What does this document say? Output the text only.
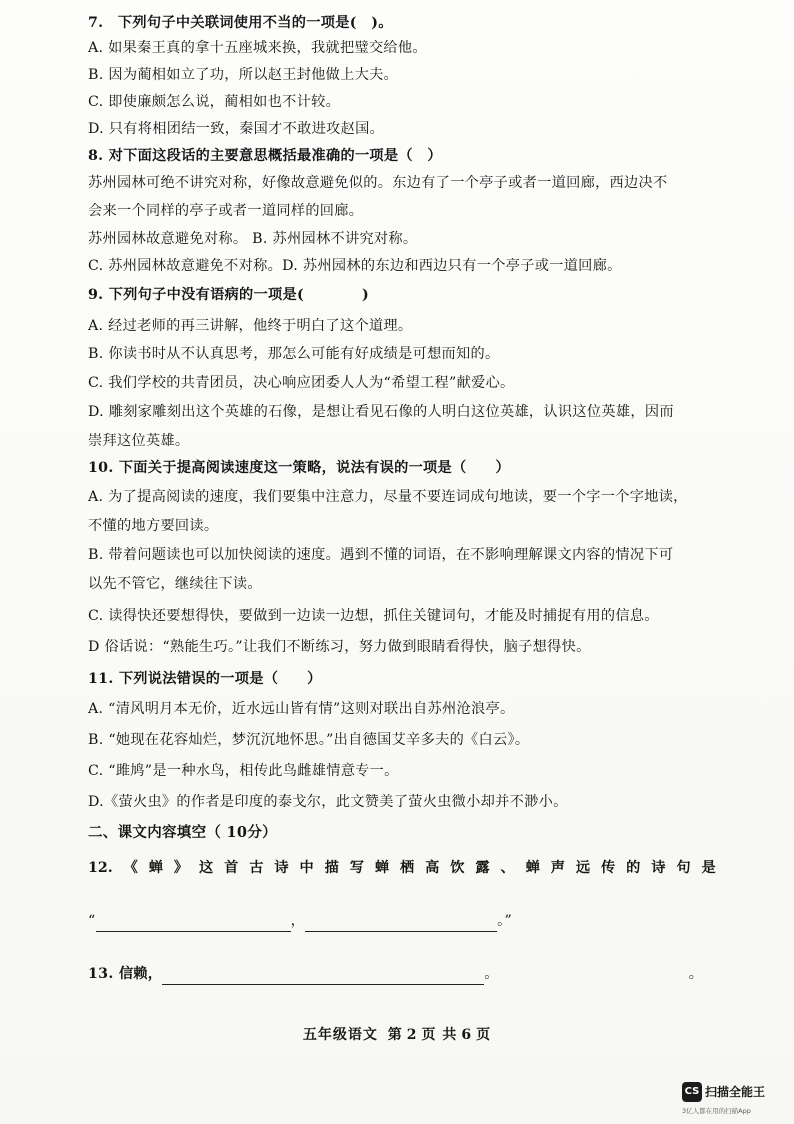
7.　下列句子中关联词使用不当的一项是(　)。
A. 如果秦王真的拿十五座城来换，我就把璧交给他。
B. 因为蔺相如立了功，所以赵王封他做上大夫。
C. 即使廉颇怎么说，蔺相如也不计较。
D. 只有将相团结一致，秦国才不敢进攻赵国。
8. 对下面这段话的主要意思概括最准确的一项是（　）
苏州园林可绝不讲究对称，好像故意避免似的。东边有了一个亭子或者一道回廊，西边决不
会来一个同样的亭子或者一道同样的回廊。
苏州园林故意避免对称。 B. 苏州园林不讲究对称。
C. 苏州园林故意避免不对称。D. 苏州园林的东边和西边只有一个亭子或一道回廊。
9. 下列句子中没有语病的一项是(　　　　)
A. 经过老师的再三讲解，他终于明白了这个道理。
B. 你读书时从不认真思考，那怎么可能有好成绩是可想而知的。
C. 我们学校的共青团员，决心响应团委人人为“希望工程”献爱心。
D. 雕刻家雕刻出这个英雄的石像，是想让看见石像的人明白这位英雄，认识这位英雄，因而
崇拜这位英雄。
10. 下面关于提高阅读速度这一策略，说法有误的一项是（　　）
A. 为了提高阅读的速度，我们要集中注意力，尽量不要连词成句地读，要一个字一个字地读，
不懂的地方要回读。
B. 带着问题读也可以加快阅读的速度。遇到不懂的词语，在不影响理解课文内容的情况下可
以先不管它，继续往下读。
C. 读得快还要想得快，要做到一边读一边想，抓住关键词句，才能及时捕捉有用的信息。
D 俗话说：“熟能生巧。”让我们不断练习，努力做到眼睛看得快，脑子想得快。
11. 下列说法错误的一项是（　　）
A. “清风明月本无价，近水远山皆有情”这则对联出自苏州沧浪亭。
B. “她现在花容灿烂，梦沉沉地怀思。”出自德国艾辛多夫的《白云》。
C. “雎鸠”是一种水鸟，相传此鸟雌雄情意专一。
D.《萤火虫》的作者是印度的泰戈尔，此文赞美了萤火虫微小却并不渺小。
二、课文内容填空（ 10分）
12. 《 蝉 》 这 首 古 诗 中 描 写 蝉 栖 高 饮 露 、 蝉 声 远 传 的 诗 句 是
“	，	。”
13. 信赖，	。	。
五年级语文 第 2 页 共 6 页
CS 扫描全能王
3亿人都在用的扫描App
